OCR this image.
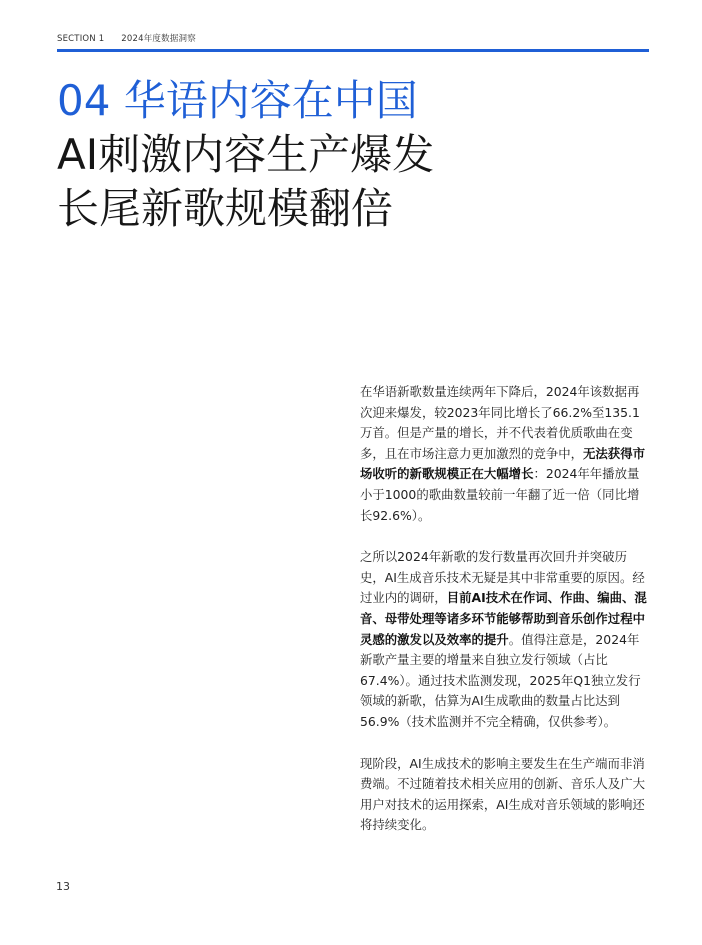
SECTION 1 2024年度数据洞察
04 华语内容在中国
AI刺激内容生产爆发
长尾新歌规模翻倍

在华语新歌数量连续两年下降后，2024年该数据再次迎来爆发，较2023年同比增长了66.2%至135.1万首。但是产量的增长，并不代表着优质歌曲在变多，且在市场注意力更加激烈的竞争中，无法获得市场收听的新歌规模正在大幅增长：2024年年播放量小于1000的歌曲数量较前一年翻了近一倍（同比增长92.6%）。

之所以2024年新歌的发行数量再次回升并突破历史，AI生成音乐技术无疑是其中非常重要的原因。经过业内的调研，目前AI技术在作词、作曲、编曲、混音、母带处理等诸多环节能够帮助到音乐创作过程中灵感的激发以及效率的提升。值得注意是，2024年新歌产量主要的增量来自独立发行领域（占比67.4%）。通过技术监测发现，2025年Q1独立发行领域的新歌，估算为AI生成歌曲的数量占比达到56.9%（技术监测并不完全精确，仅供参考）。

现阶段，AI生成技术的影响主要发生在生产端而非消费端。不过随着技术相关应用的创新、音乐人及广大用户对技术的运用探索，AI生成对音乐领域的影响还将持续变化。

13
